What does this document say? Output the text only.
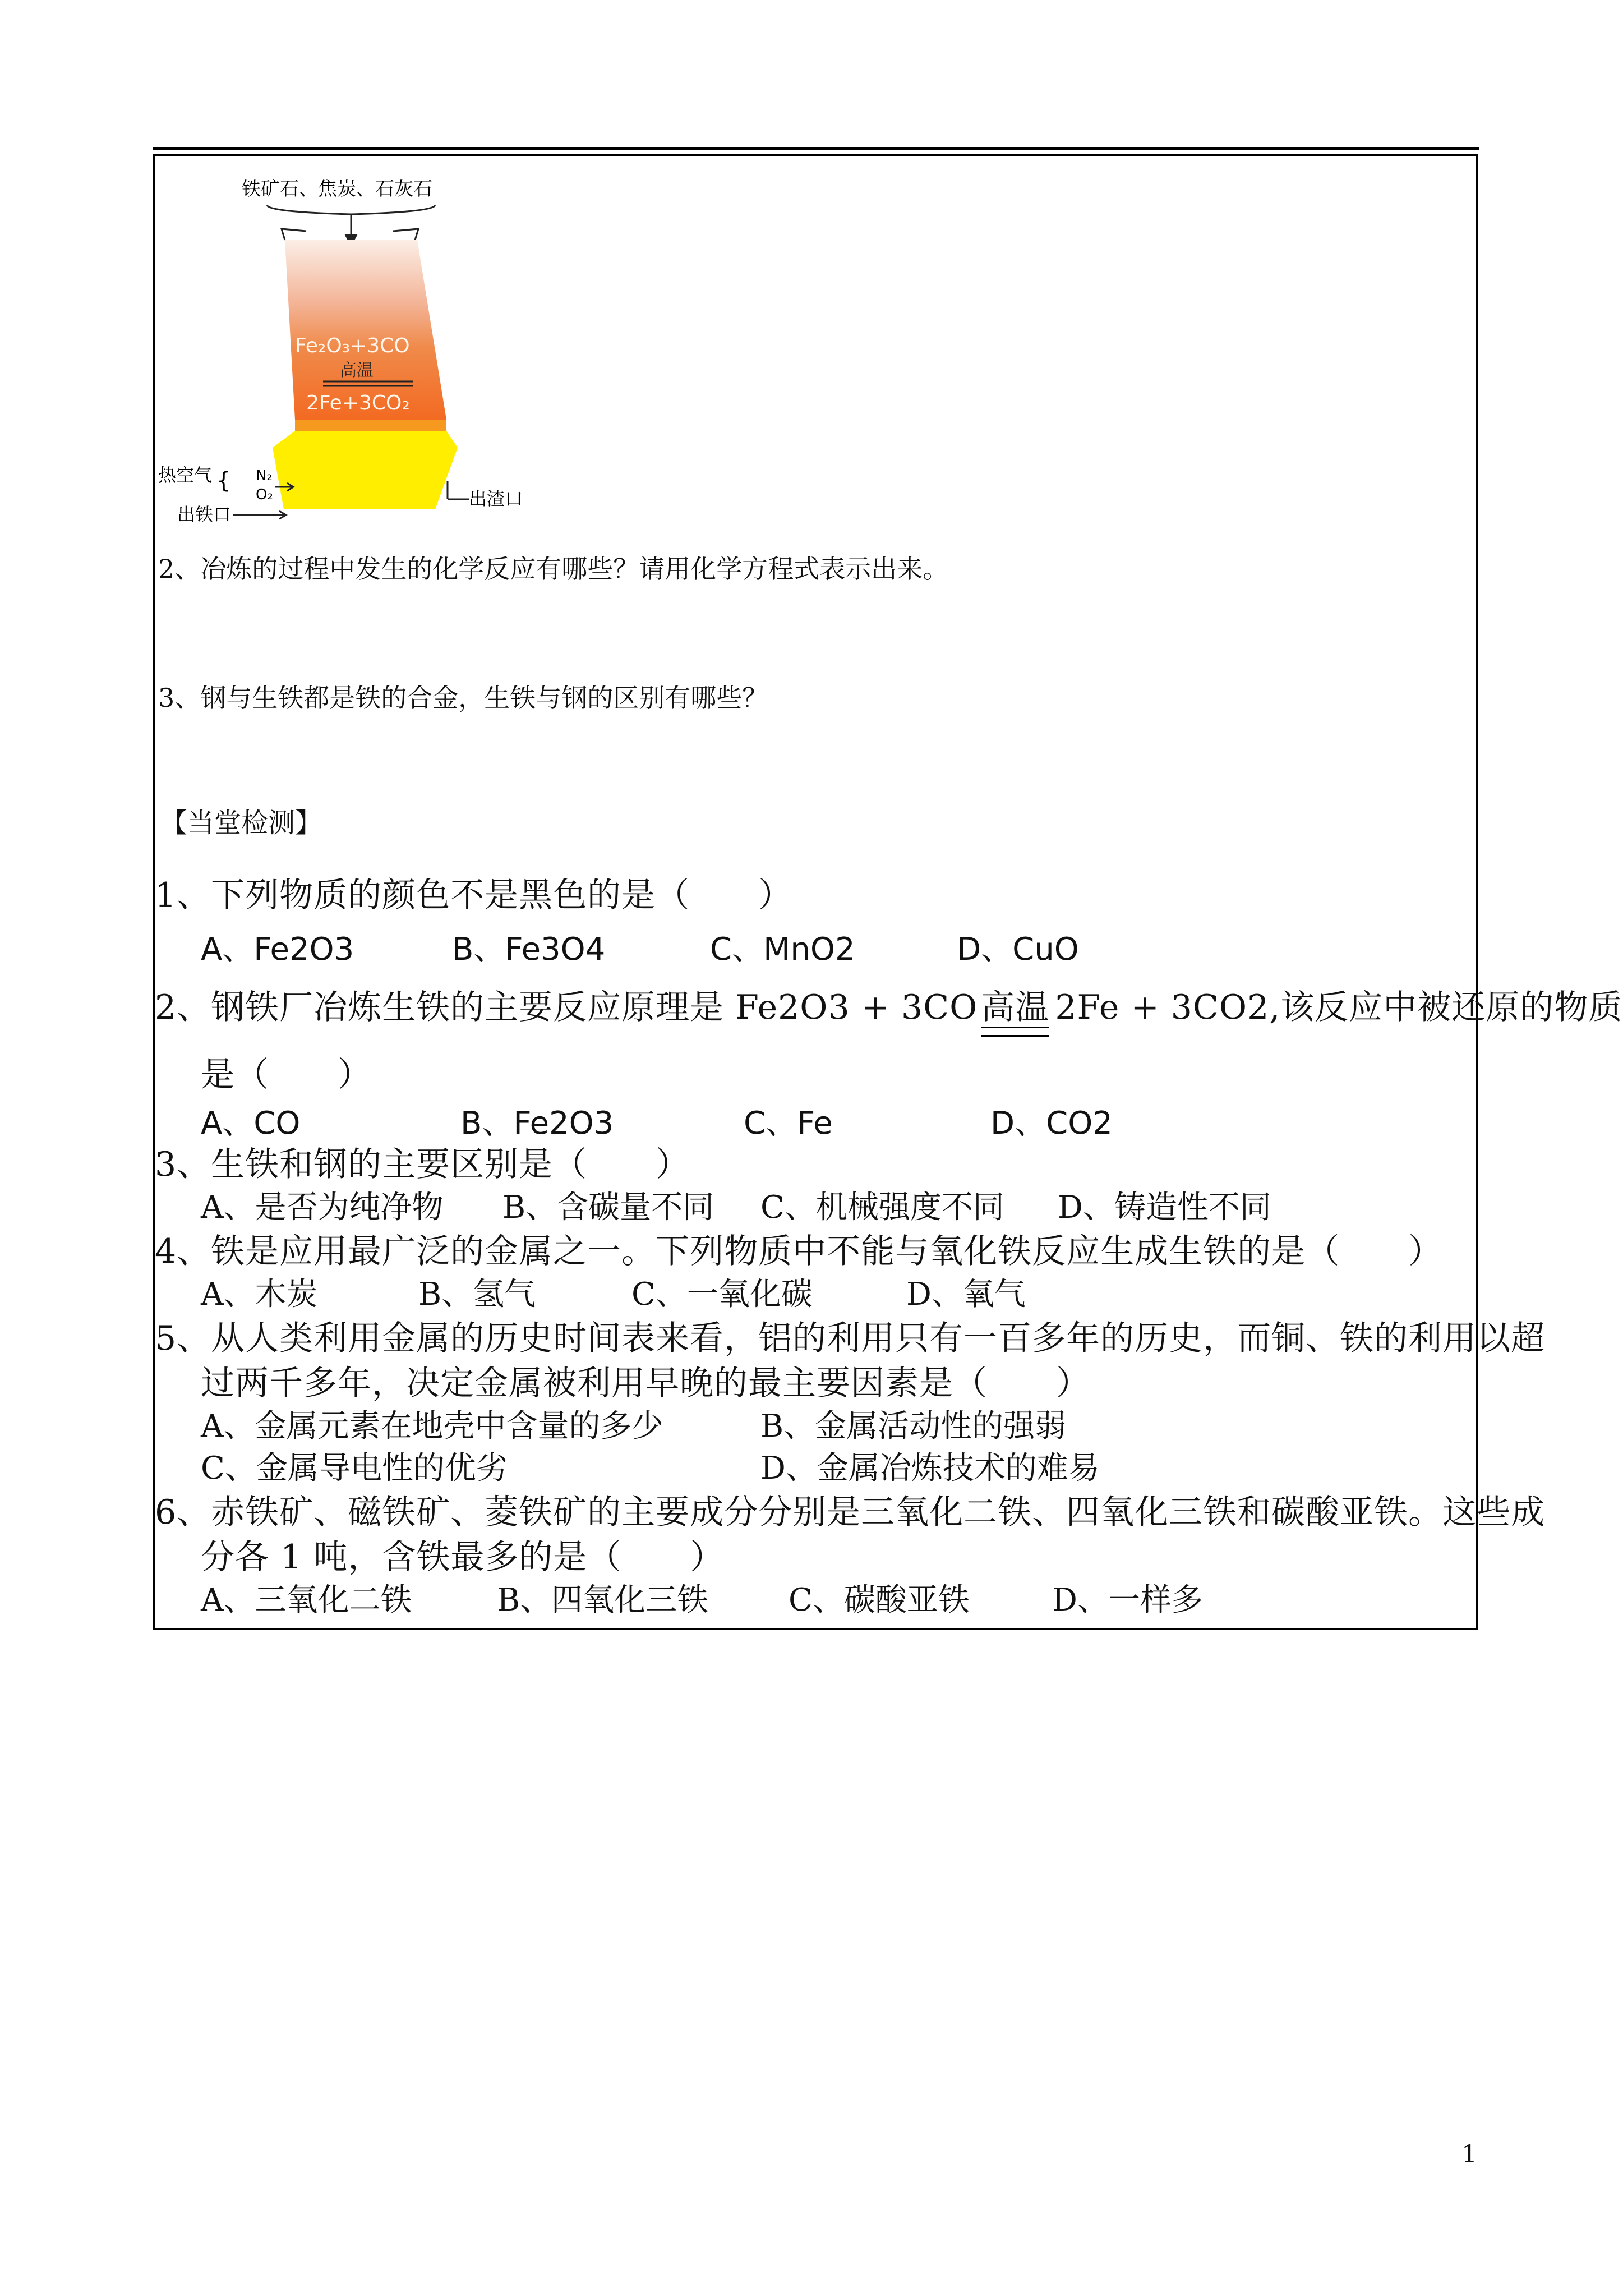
铁矿石、焦炭、石灰石
Fe₂O₃+3CO
高温
2Fe+3CO₂
热空气 { N₂
O₂
出铁口
出渣口
2、冶炼的过程中发生的化学反应有哪些？请用化学方程式表示出来。
3、钢与生铁都是铁的合金，生铁与钢的区别有哪些？
【当堂检测】
1、下列物质的颜色不是黑色的是（　　）
A、Fe2O3	B、Fe3O4	C、MnO2	D、CuO
2、钢铁厂冶炼生铁的主要反应原理是 Fe2O3 + 3CO 高温 2Fe + 3CO2,该反应中被还原的物质
是（　　）
A、CO	B、Fe2O3	C、Fe	D、CO2
3、生铁和钢的主要区别是（　　）
A、是否为纯净物 B、含碳量不同 C、机械强度不同 D、铸造性不同
4、铁是应用最广泛的金属之一。下列物质中不能与氧化铁反应生成生铁的是（　　）
A、木炭	B、氢气	C、一氧化碳	D、氧气
5、从人类利用金属的历史时间表来看，铝的利用只有一百多年的历史，而铜、铁的利用以超
过两千多年，决定金属被利用早晚的最主要因素是（　　）
A、金属元素在地壳中含量的多少	B、金属活动性的强弱
C、金属导电性的优劣	D、金属冶炼技术的难易
6、赤铁矿、磁铁矿、菱铁矿的主要成分分别是三氧化二铁、四氧化三铁和碳酸亚铁。这些成
分各 1 吨，含铁最多的是（　　）
A、三氧化二铁	B、四氧化三铁	C、碳酸亚铁	D、一样多
1
